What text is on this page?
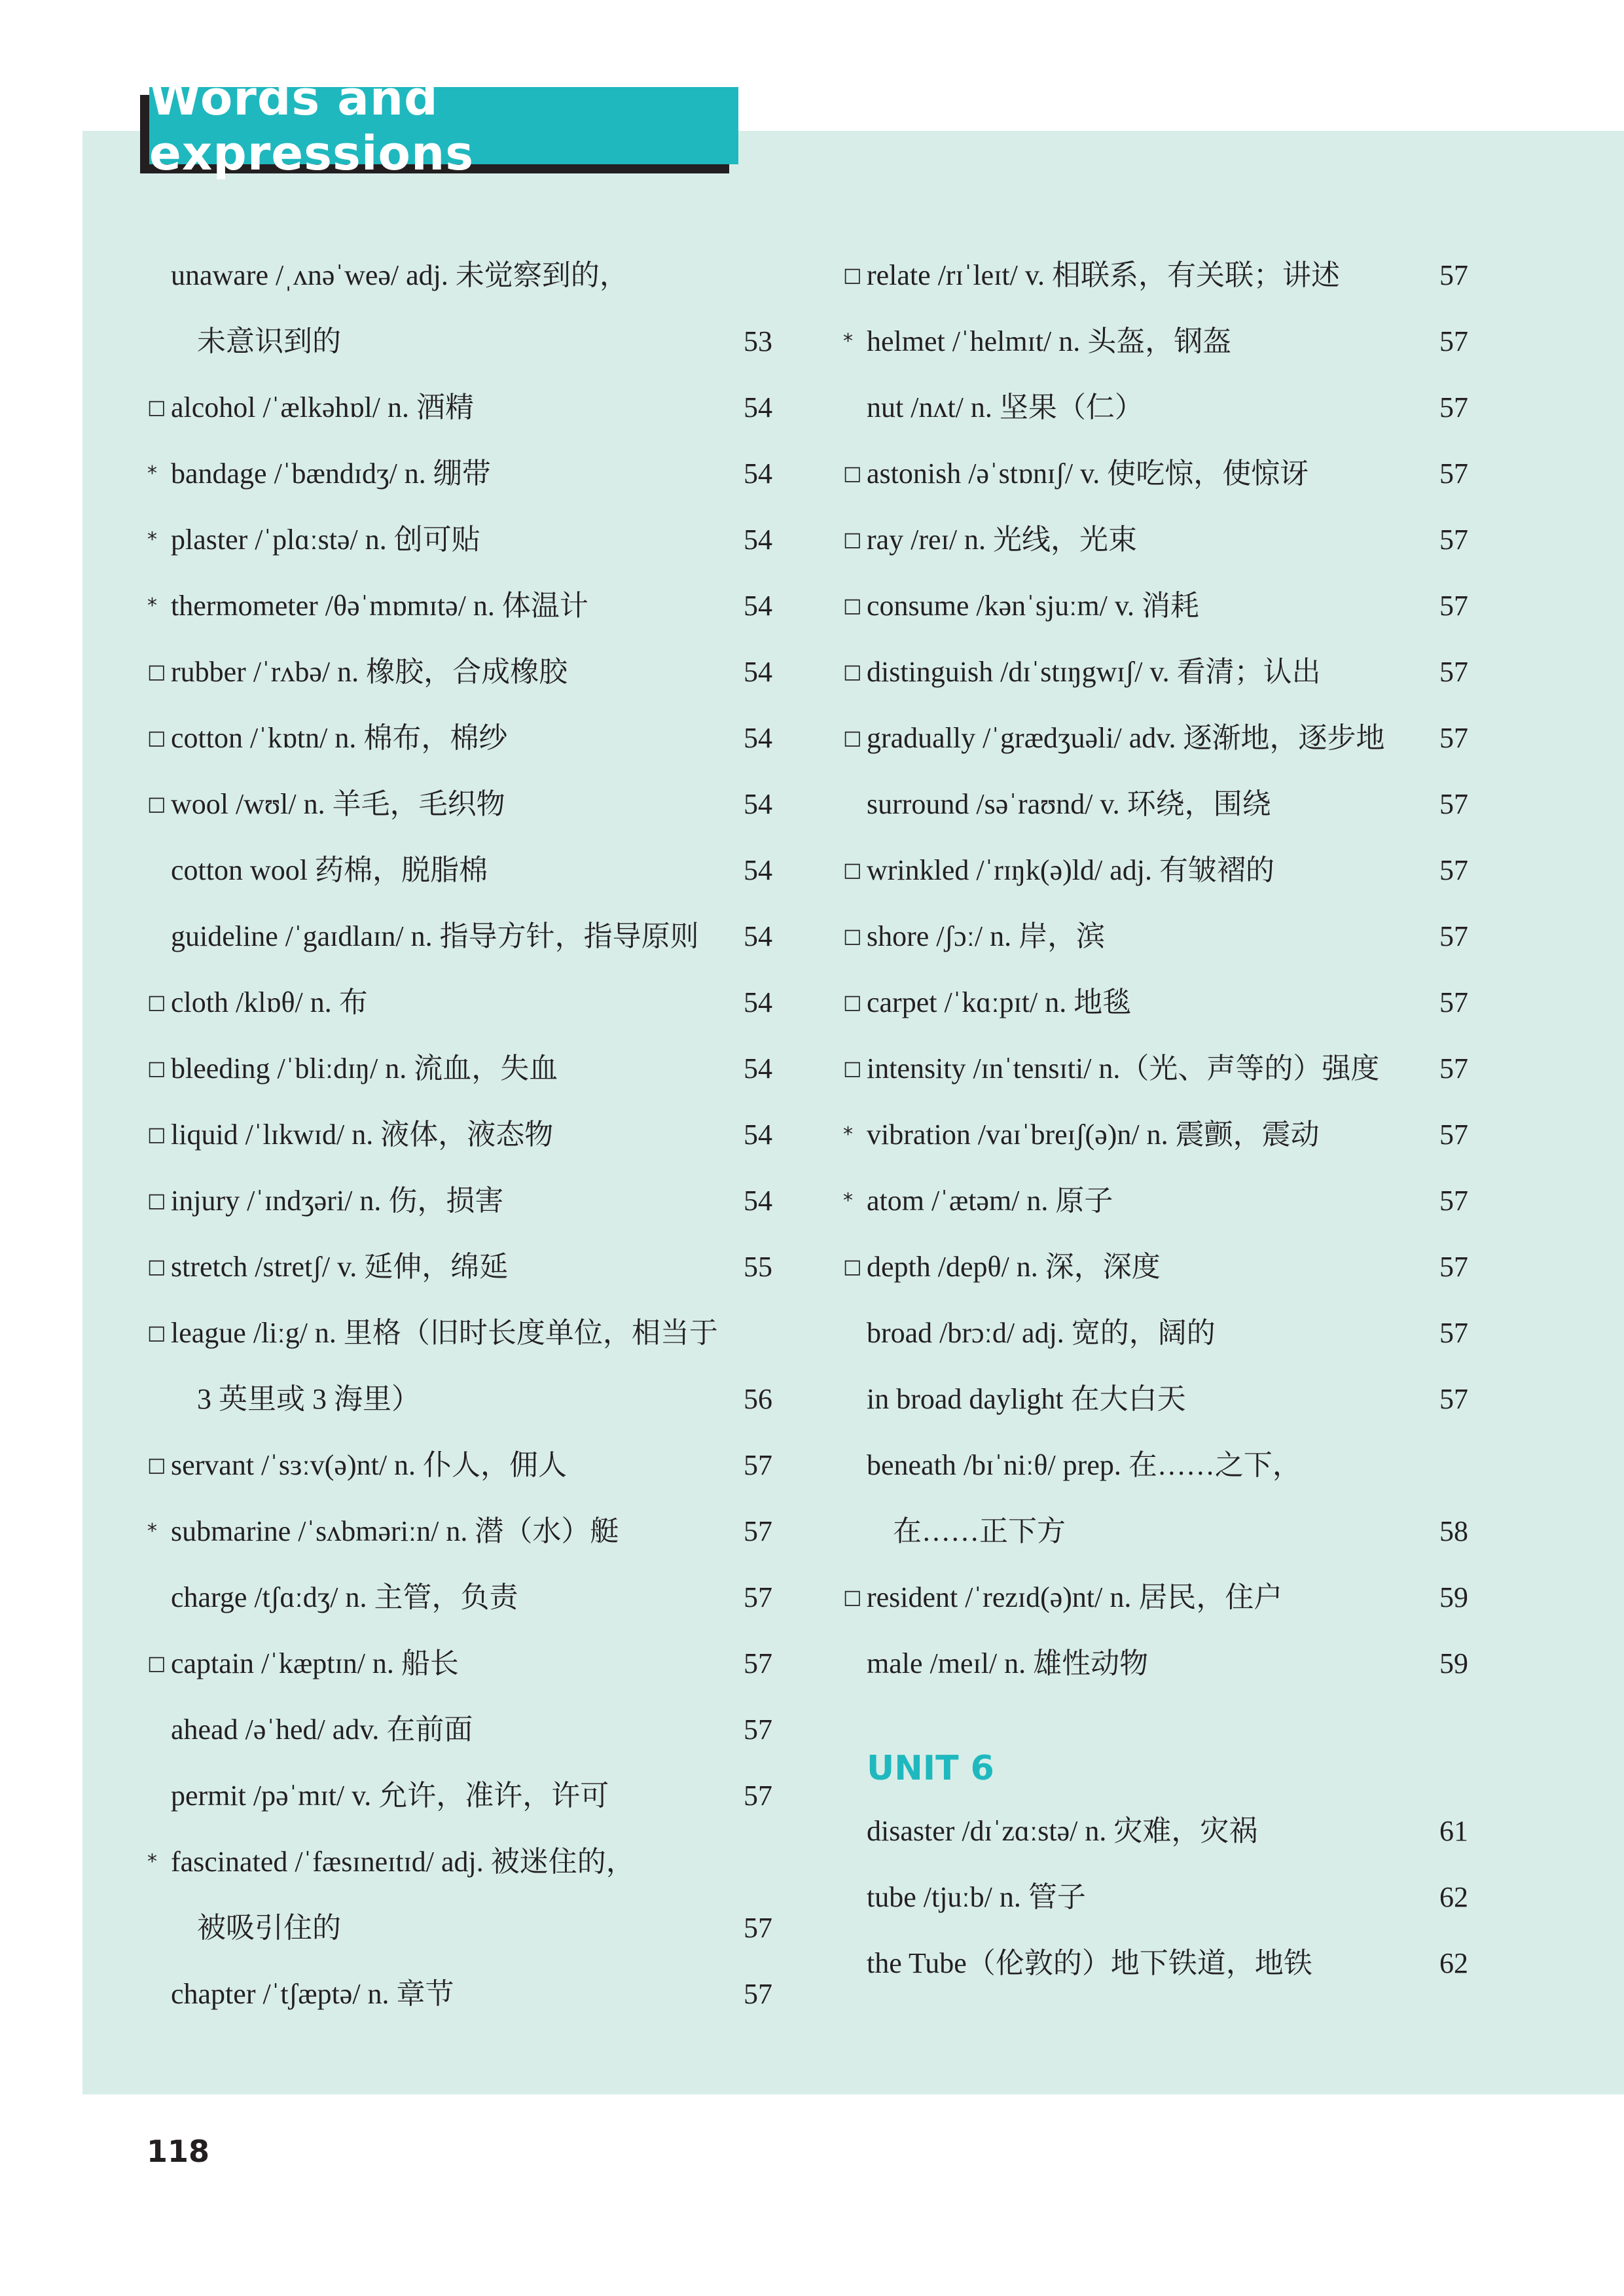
Words and expressions
unaware /ˌʌnəˈweə/ adj. 未觉察到的，
未意识到的	53
□ alcohol /ˈælkəhɒl/ n. 酒精	54
* bandage /ˈbændɪdʒ/ n. 绷带	54
* plaster /ˈplɑːstə/ n. 创可贴	54
* thermometer /θəˈmɒmɪtə/ n. 体温计	54
□ rubber /ˈrʌbə/ n. 橡胶，合成橡胶	54
□ cotton /ˈkɒtn/ n. 棉布，棉纱	54
□ wool /wʊl/ n. 羊毛，毛织物	54
cotton wool 药棉，脱脂棉	54
guideline /ˈgaɪdlaɪn/ n. 指导方针，指导原则 54
□ cloth /klɒθ/ n. 布	54
□ bleeding /ˈbliːdɪŋ/ n. 流血，失血	54
□ liquid /ˈlɪkwɪd/ n. 液体，液态物	54
□ injury /ˈɪndʒəri/ n. 伤，损害	54
□ stretch /stretʃ/ v. 延伸，绵延	55
□ league /liːg/ n. 里格（旧时长度单位，相当于
3 英里或 3 海里）	56
□ servant /ˈsɜːv(ə)nt/ n. 仆人，佣人	57
* submarine /ˈsʌbməriːn/ n. 潜（水）艇	57
charge /tʃɑːdʒ/ n. 主管，负责	57
□ captain /ˈkæptɪn/ n. 船长	57
ahead /əˈhed/ adv. 在前面	57
permit /pəˈmɪt/ v. 允许，准许，许可	57
* fascinated /ˈfæsɪneɪtɪd/ adj. 被迷住的，
被吸引住的	57
chapter /ˈtʃæptə/ n. 章节	57
□ relate /rɪˈleɪt/ v. 相联系，有关联；讲述	57
* helmet /ˈhelmɪt/ n. 头盔，钢盔	57
nut /nʌt/ n. 坚果（仁）	57
□ astonish /əˈstɒnɪʃ/ v. 使吃惊，使惊讶	57
□ ray /reɪ/ n. 光线，光束	57
□ consume /kənˈsjuːm/ v. 消耗	57
□ distinguish /dɪˈstɪŋgwɪʃ/ v. 看清；认出	57
□ gradually /ˈgrædʒuəli/ adv. 逐渐地，逐步地 57
surround /səˈraʊnd/ v. 环绕，围绕	57
□ wrinkled /ˈrɪŋk(ə)ld/ adj. 有皱褶的	57
□ shore /ʃɔː/ n. 岸，滨	57
□ carpet /ˈkɑːpɪt/ n. 地毯	57
□ intensity /ɪnˈtensɪti/ n.（光、声等的）强度 57
* vibration /vaɪˈbreɪʃ(ə)n/ n. 震颤，震动	57
* atom /ˈætəm/ n. 原子	57
□ depth /depθ/ n. 深，深度	57
broad /brɔːd/ adj. 宽的，阔的	57
in broad daylight 在大白天	57
beneath /bɪˈniːθ/ prep. 在……之下，
在……正下方	58
□ resident /ˈrezɪd(ə)nt/ n. 居民，住户	59
male /meɪl/ n. 雄性动物	59
UNIT 6
disaster /dɪˈzɑːstə/ n. 灾难，灾祸	61
tube /tjuːb/ n. 管子	62
the Tube（伦敦的）地下铁道，地铁	62
118
